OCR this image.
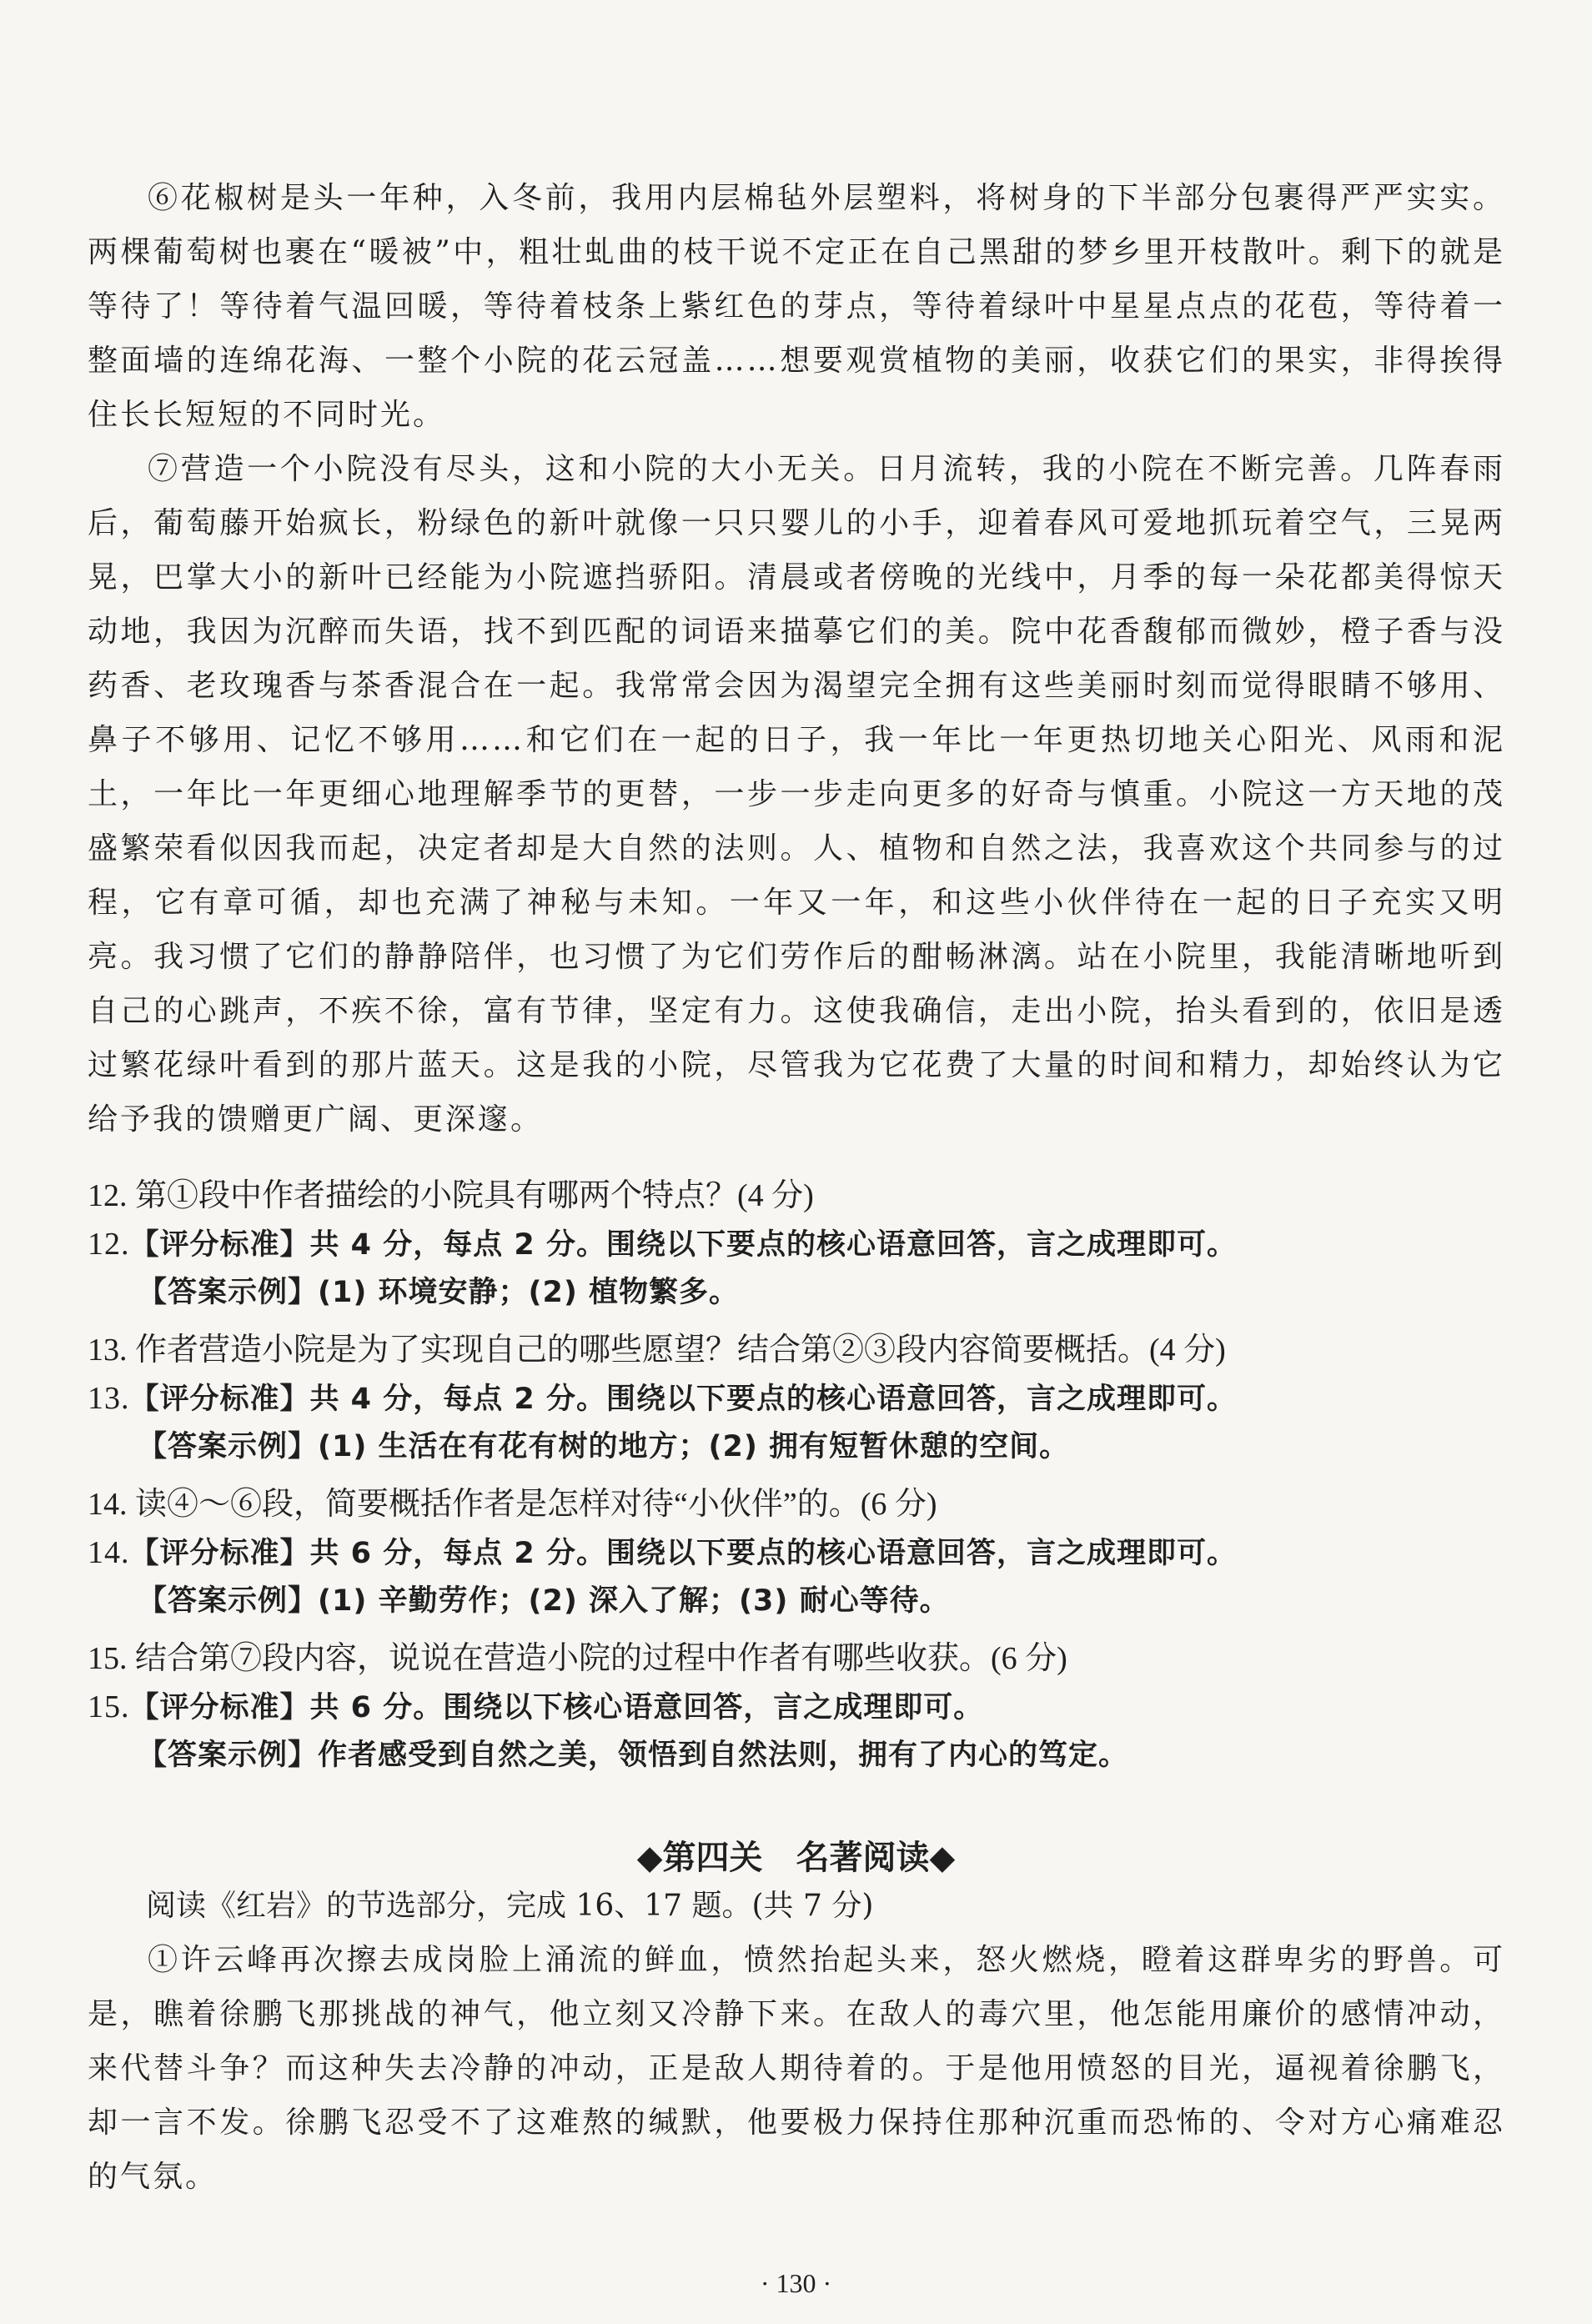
⑥花椒树是头一年种，入冬前，我用内层棉毡外层塑料，将树身的下半部分包裹得严严实实。两棵葡萄树也裹在“暖被”中，粗壮虬曲的枝干说不定正在自己黑甜的梦乡里开枝散叶。剩下的就是等待了！等待着气温回暖，等待着枝条上紫红色的芽点，等待着绿叶中星星点点的花苞，等待着一整面墙的连绵花海、一整个小院的花云冠盖……想要观赏植物的美丽，收获它们的果实，非得挨得住长长短短的不同时光。

⑦营造一个小院没有尽头，这和小院的大小无关。日月流转，我的小院在不断完善。几阵春雨后，葡萄藤开始疯长，粉绿色的新叶就像一只只婴儿的小手，迎着春风可爱地抓玩着空气，三晃两晃，巴掌大小的新叶已经能为小院遮挡骄阳。清晨或者傍晚的光线中，月季的每一朵花都美得惊天动地，我因为沉醉而失语，找不到匹配的词语来描摹它们的美。院中花香馥郁而微妙，橙子香与没药香、老玫瑰香与茶香混合在一起。我常常会因为渴望完全拥有这些美丽时刻而觉得眼睛不够用、鼻子不够用、记忆不够用……和它们在一起的日子，我一年比一年更热切地关心阳光、风雨和泥土，一年比一年更细心地理解季节的更替，一步一步走向更多的好奇与慎重。小院这一方天地的茂盛繁荣看似因我而起，决定者却是大自然的法则。人、植物和自然之法，我喜欢这个共同参与的过程，它有章可循，却也充满了神秘与未知。一年又一年，和这些小伙伴待在一起的日子充实又明亮。我习惯了它们的静静陪伴，也习惯了为它们劳作后的酣畅淋漓。站在小院里，我能清晰地听到自己的心跳声，不疾不徐，富有节律，坚定有力。这使我确信，走出小院，抬头看到的，依旧是透过繁花绿叶看到的那片蓝天。这是我的小院，尽管我为它花费了大量的时间和精力，却始终认为它给予我的馈赠更广阔、更深邃。

12. 第①段中作者描绘的小院具有哪两个特点？(4 分)

12.【评分标准】共 4 分，每点 2 分。围绕以下要点的核心语意回答，言之成理即可。

【答案示例】(1) 环境安静；(2) 植物繁多。

13. 作者营造小院是为了实现自己的哪些愿望？结合第②③段内容简要概括。(4 分)

13.【评分标准】共 4 分，每点 2 分。围绕以下要点的核心语意回答，言之成理即可。

【答案示例】(1) 生活在有花有树的地方；(2) 拥有短暂休憩的空间。

14. 读④～⑥段，简要概括作者是怎样对待“小伙伴”的。(6 分)

14.【评分标准】共 6 分，每点 2 分。围绕以下要点的核心语意回答，言之成理即可。

【答案示例】(1) 辛勤劳作；(2) 深入了解；(3) 耐心等待。

15. 结合第⑦段内容，说说在营造小院的过程中作者有哪些收获。(6 分)

15.【评分标准】共 6 分。围绕以下核心语意回答，言之成理即可。

【答案示例】作者感受到自然之美，领悟到自然法则，拥有了内心的笃定。

◆第四关 名著阅读◆

阅读《红岩》的节选部分，完成 16、17 题。(共 7 分)

①许云峰再次擦去成岗脸上涌流的鲜血，愤然抬起头来，怒火燃烧，瞪着这群卑劣的野兽。可是，瞧着徐鹏飞那挑战的神气，他立刻又冷静下来。在敌人的毒穴里，他怎能用廉价的感情冲动，来代替斗争？而这种失去冷静的冲动，正是敌人期待着的。于是他用愤怒的目光，逼视着徐鹏飞，却一言不发。徐鹏飞忍受不了这难熬的缄默，他要极力保持住那种沉重而恐怖的、令对方心痛难忍的气氛。

· 130 ·
